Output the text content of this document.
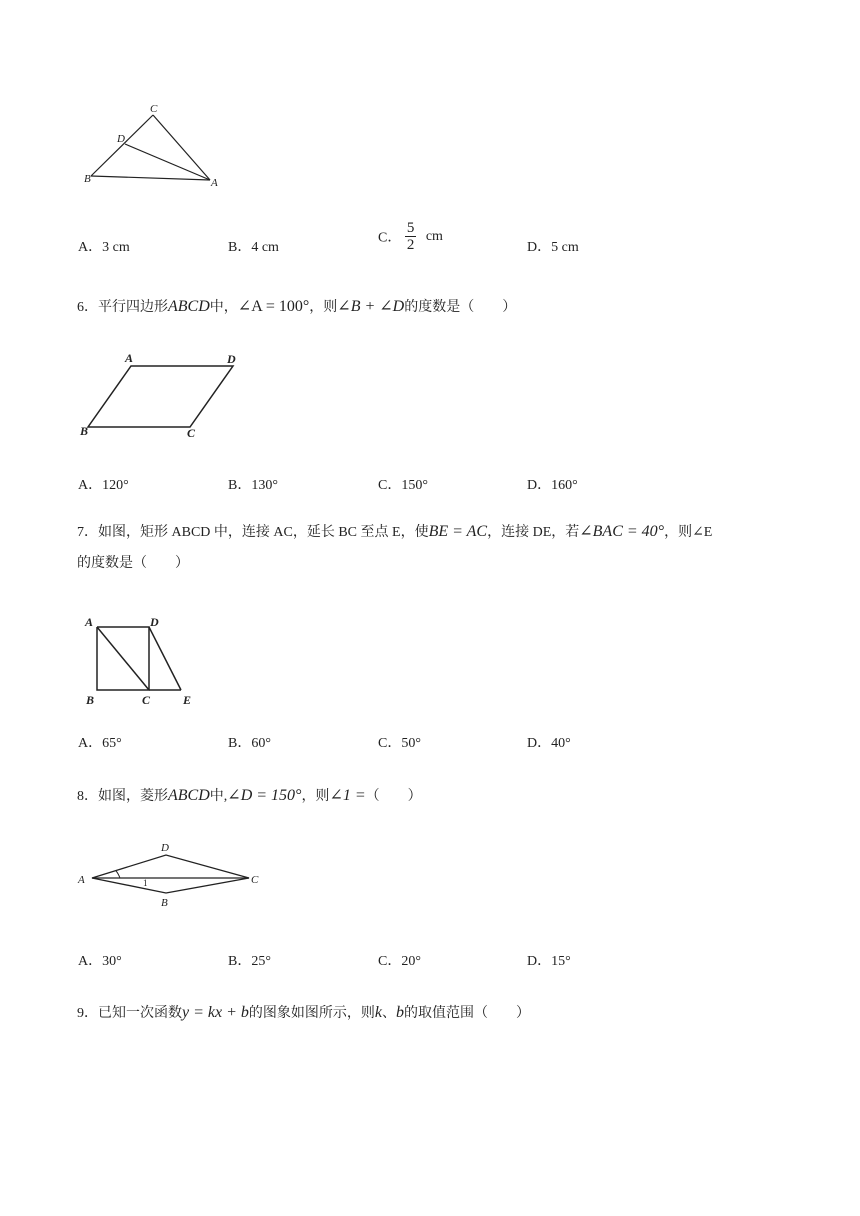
C
D
B	A
A．3 cm	B．4 cm
C． $\frac{5}{2}$ cm
D．5 cm
6．平行四边形ABCD中，∠A = 100°，则∠B + ∠D的度数是（　　）
A	D
B	C
A．120°	B．130°	C．150°	D．160°
7．如图，矩形 ABCD 中，连接 AC，延长 BC 至点 E，使BE = AC，连接 DE，若∠BAC = 40°，则∠E
的度数是（　　）
A	D
B	C	E
A．65°	B．60°	C．50°	D．40°
8．如图，菱形ABCD中,∠D = 150°，则∠1 =（　　）
D
A	C
B
1
A．30°	B．25°	C．20°	D．15°
9．已知一次函数y = kx + b的图象如图所示，则k、b的取值范围（　　）
